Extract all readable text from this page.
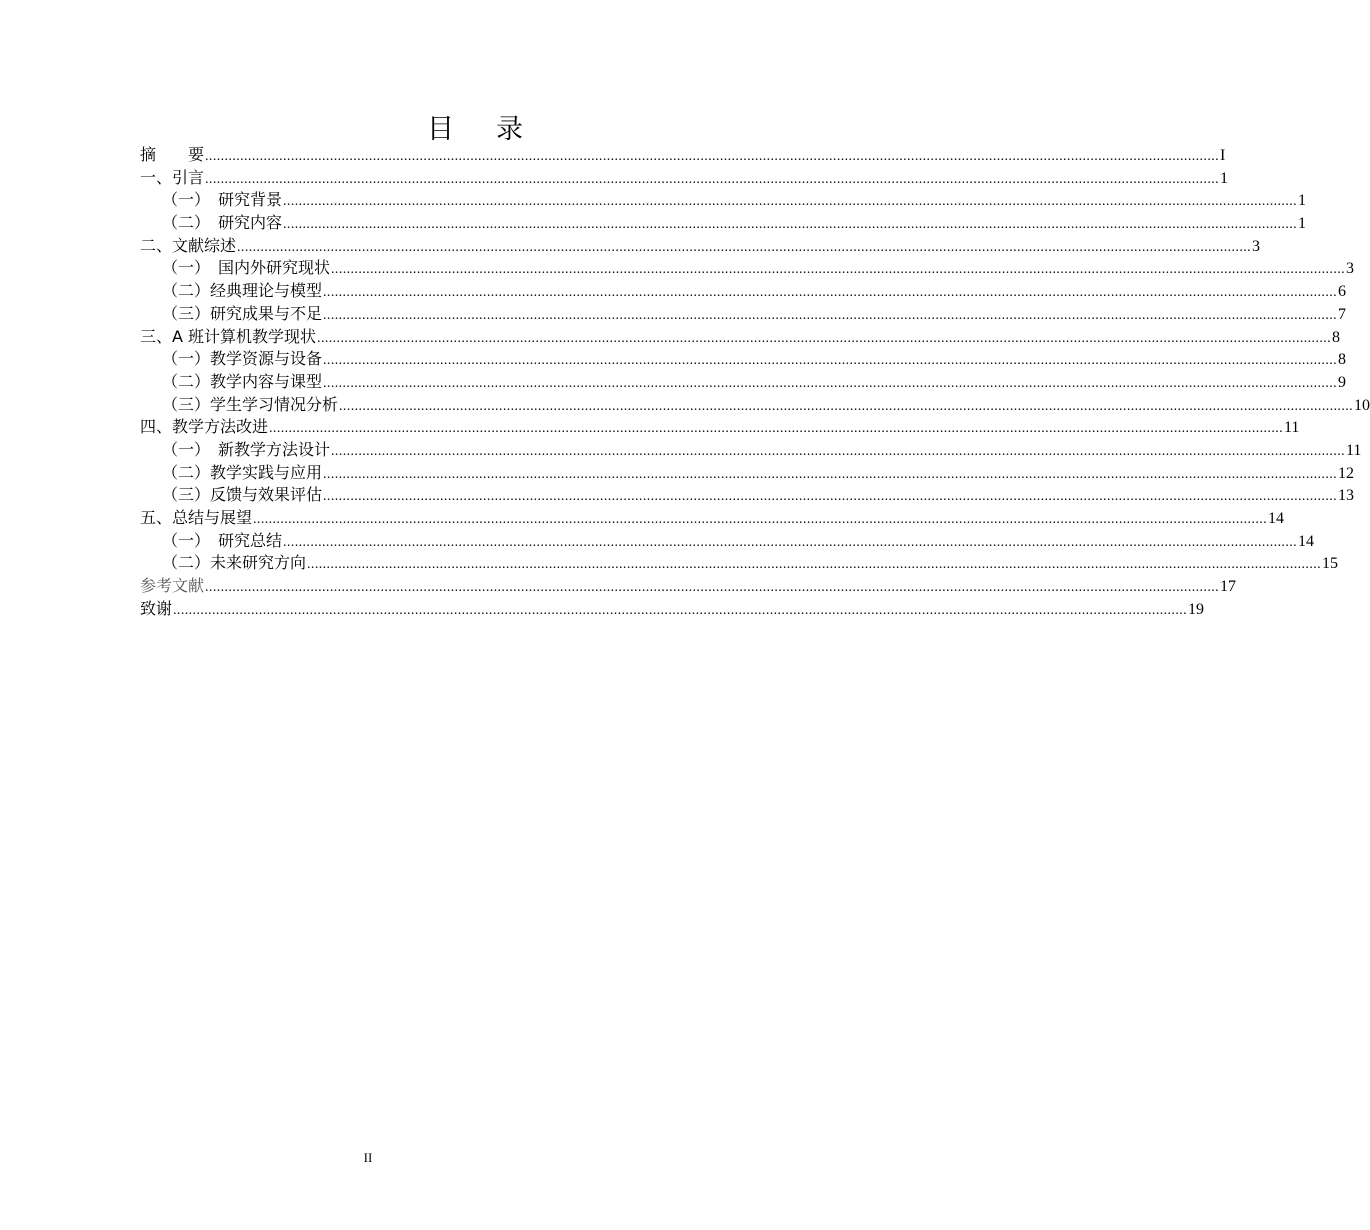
目 录
摘　　要 .................................................................................................................................................................................................................................................................... I
一、引言 .................................................................................................................................................................................................................................................................... 1
（一）　研究背景 .................................................................................................................................................................................................................................................................... 1
（二）　研究内容 .................................................................................................................................................................................................................................................................... 1
二、文献综述 .................................................................................................................................................................................................................................................................... 3
（一）　国内外研究现状 .................................................................................................................................................................................................................................................................... 3
（二）经典理论与模型 .................................................................................................................................................................................................................................................................... 6
（三）研究成果与不足 .................................................................................................................................................................................................................................................................... 7
三、A 班计算机教学现状 .................................................................................................................................................................................................................................................................... 8
（一）教学资源与设备 .................................................................................................................................................................................................................................................................... 8
（二）教学内容与课型 .................................................................................................................................................................................................................................................................... 9
（三）学生学习情况分析 .................................................................................................................................................................................................................................................................... 10
四、教学方法改进 .................................................................................................................................................................................................................................................................... 11
（一）　新教学方法设计 .................................................................................................................................................................................................................................................................... 11
（二）教学实践与应用 .................................................................................................................................................................................................................................................................... 12
（三）反馈与效果评估 .................................................................................................................................................................................................................................................................... 13
五、总结与展望 .................................................................................................................................................................................................................................................................... 14
（一）　研究总结 .................................................................................................................................................................................................................................................................... 14
（二）未来研究方向 .................................................................................................................................................................................................................................................................... 15
参考文献 .................................................................................................................................................................................................................................................................... 17
致谢 .................................................................................................................................................................................................................................................................... 19
II
